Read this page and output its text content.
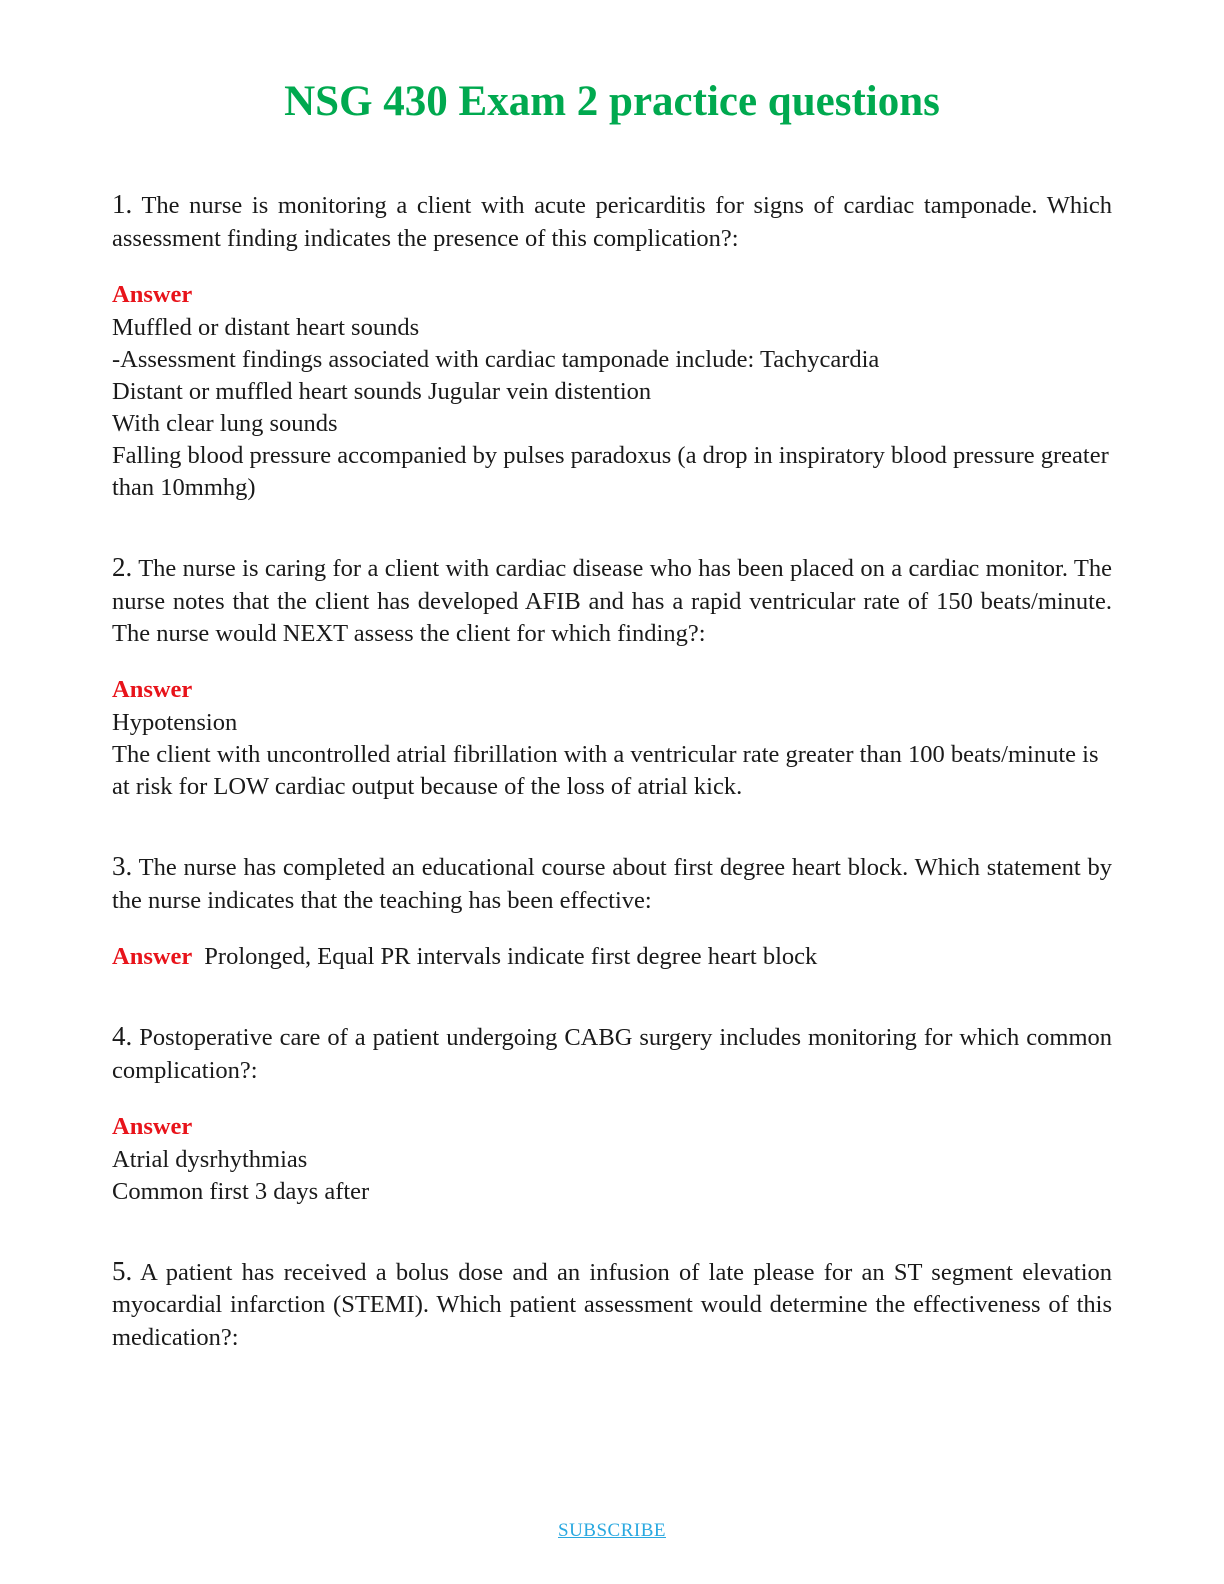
NSG 430 Exam 2 practice questions

1. The nurse is monitoring a client with acute pericarditis for signs of cardiac tamponade. Which assessment finding indicates the presence of this complication?:

Answer
Muffled or distant heart sounds
-Assessment findings associated with cardiac tamponade include: Tachycardia
Distant or muffled heart sounds Jugular vein distention
With clear lung sounds
Falling blood pressure accompanied by pulses paradoxus (a drop in inspiratory blood pressure greater than 10mmhg)

2. The nurse is caring for a client with cardiac disease who has been placed on a cardiac monitor. The nurse notes that the client has developed AFIB and has a rapid ventricular rate of 150 beats/minute. The nurse would NEXT assess the client for which finding?:

Answer
Hypotension
The client with uncontrolled atrial fibrillation with a ventricular rate greater than 100 beats/minute is at risk for LOW cardiac output because of the loss of atrial kick.

3. The nurse has completed an educational course about first degree heart block. Which statement by the nurse indicates that the teaching has been effective:

Answer Prolonged, Equal PR intervals indicate first degree heart block

4. Postoperative care of a patient undergoing CABG surgery includes monitoring for which common complication?:

Answer
Atrial dysrhythmias
Common first 3 days after

5. A patient has received a bolus dose and an infusion of late please for an ST segment elevation myocardial infarction (STEMI). Which patient assessment would determine the effectiveness of this medication?:

SUBSCRIBE
